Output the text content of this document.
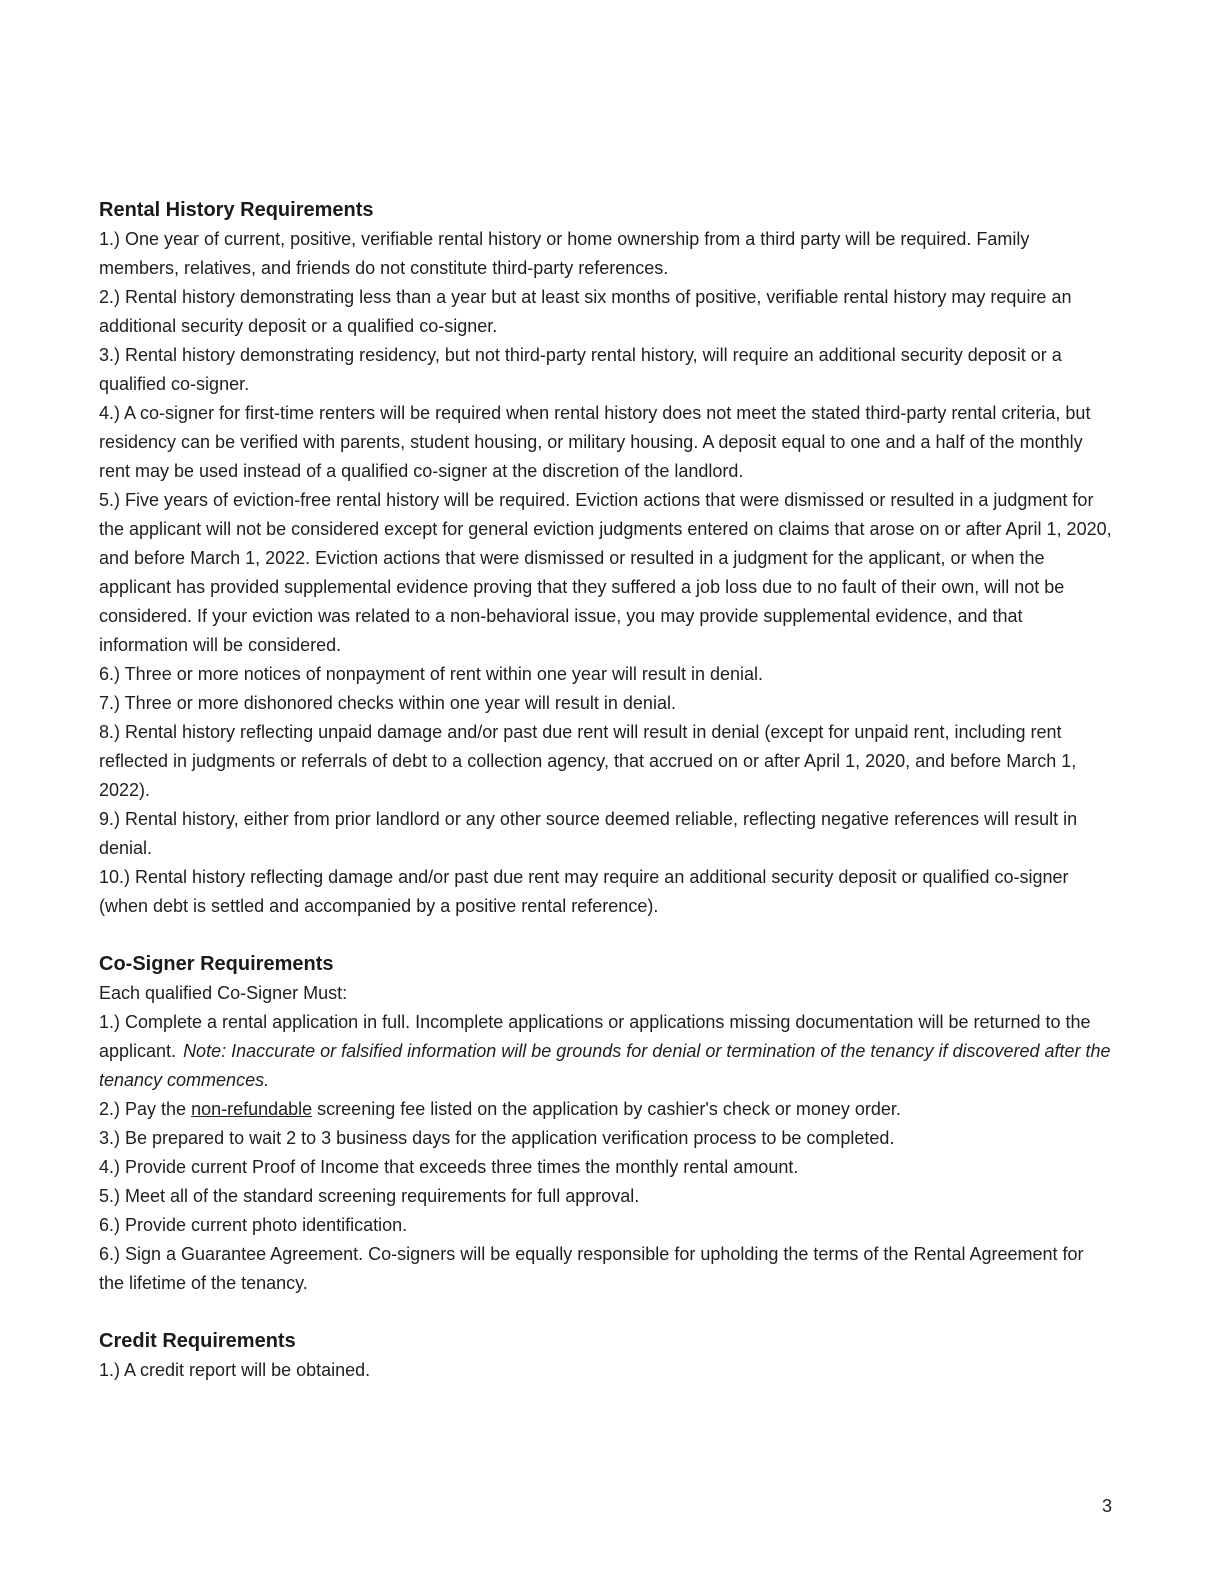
Rental History Requirements

1.) One year of current, positive, verifiable rental history or home ownership from a third party will be required. Family members, relatives, and friends do not constitute third-party references.

2.) Rental history demonstrating less than a year but at least six months of positive, verifiable rental history may require an additional security deposit or a qualified co-signer.

3.) Rental history demonstrating residency, but not third-party rental history, will require an additional security deposit or a qualified co-signer.

4.) A co-signer for first-time renters will be required when rental history does not meet the stated third-party rental criteria, but residency can be verified with parents, student housing, or military housing. A deposit equal to one and a half of the monthly rent may be used instead of a qualified co-signer at the discretion of the landlord.

5.) Five years of eviction-free rental history will be required. Eviction actions that were dismissed or resulted in a judgment for the applicant will not be considered except for general eviction judgments entered on claims that arose on or after April 1, 2020, and before March 1, 2022. Eviction actions that were dismissed or resulted in a judgment for the applicant, or when the applicant has provided supplemental evidence proving that they suffered a job loss due to no fault of their own, will not be considered. If your eviction was related to a non-behavioral issue, you may provide supplemental evidence, and that information will be considered.

6.) Three or more notices of nonpayment of rent within one year will result in denial.

7.) Three or more dishonored checks within one year will result in denial.

8.) Rental history reflecting unpaid damage and/or past due rent will result in denial (except for unpaid rent, including rent reflected in judgments or referrals of debt to a collection agency, that accrued on or after April 1, 2020, and before March 1, 2022).

9.) Rental history, either from prior landlord or any other source deemed reliable, reflecting negative references will result in denial.

10.) Rental history reflecting damage and/or past due rent may require an additional security deposit or qualified co-signer (when debt is settled and accompanied by a positive rental reference).

Co-Signer Requirements

Each qualified Co-Signer Must:

1.) Complete a rental application in full. Incomplete applications or applications missing documentation will be returned to the applicant. Note: Inaccurate or falsified information will be grounds for denial or termination of the tenancy if discovered after the tenancy commences.

2.) Pay the non-refundable screening fee listed on the application by cashier's check or money order.

3.) Be prepared to wait 2 to 3 business days for the application verification process to be completed.

4.) Provide current Proof of Income that exceeds three times the monthly rental amount.

5.) Meet all of the standard screening requirements for full approval.

6.) Provide current photo identification.

6.) Sign a Guarantee Agreement. Co-signers will be equally responsible for upholding the terms of the Rental Agreement for the lifetime of the tenancy.

Credit Requirements

1.) A credit report will be obtained.

3
